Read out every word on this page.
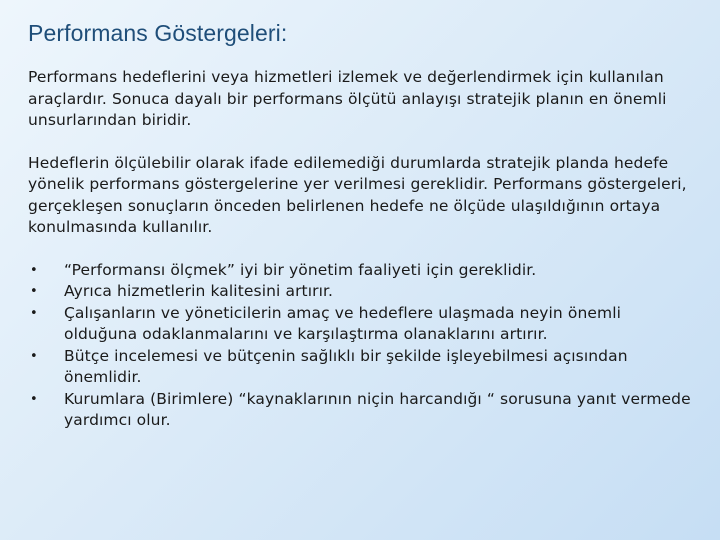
Performans Göstergeleri:

Performans hedeflerini veya hizmetleri izlemek ve değerlendirmek için kullanılan araçlardır. Sonuca dayalı bir performans ölçütü anlayışı stratejik planın en önemli unsurlarından biridir.

Hedeflerin ölçülebilir olarak ifade edilemediği durumlarda stratejik planda hedefe yönelik performans göstergelerine yer verilmesi gereklidir. Performans göstergeleri, gerçekleşen sonuçların önceden belirlenen hedefe ne ölçüde ulaşıldığının ortaya konulmasında kullanılır.

• “Performansı ölçmek” iyi bir yönetim faaliyeti için gereklidir.
• Ayrıca hizmetlerin kalitesini artırır.
• Çalışanların ve yöneticilerin amaç ve hedeflere ulaşmada neyin önemli olduğuna odaklanmalarını ve karşılaştırma olanaklarını artırır.
• Bütçe incelemesi ve bütçenin sağlıklı bir şekilde işleyebilmesi açısından önemlidir.
• Kurumlara (Birimlere) “kaynaklarının niçin harcandığı “ sorusuna yanıt vermede yardımcı olur.
